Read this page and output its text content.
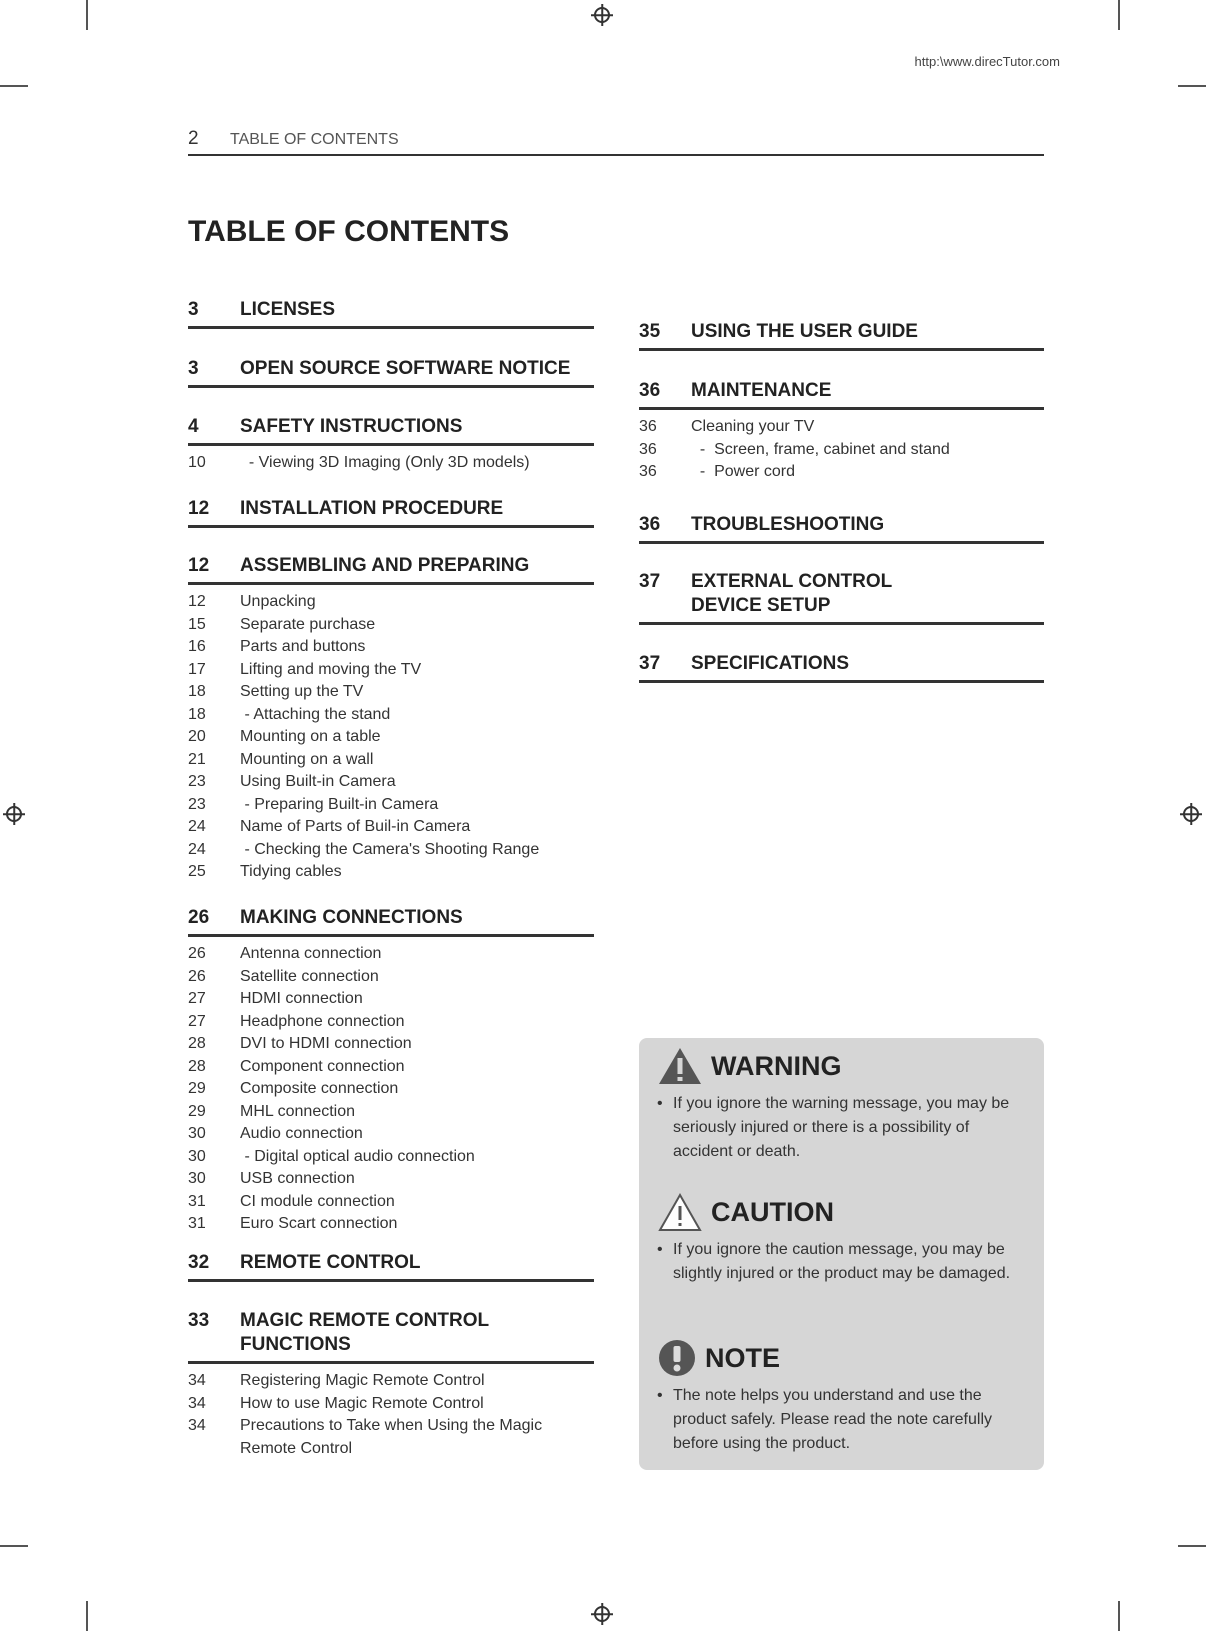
http:\www.direcTutor.com
2 TABLE OF CONTENTS
TABLE OF CONTENTS
3	LICENSES
3	OPEN SOURCE SOFTWARE NOTICE
4	SAFETY INSTRUCTIONS
10	- Viewing 3D Imaging (Only 3D models)
12	INSTALLATION PROCEDURE
12	ASSEMBLING AND PREPARING
12	Unpacking
15	Separate purchase
16	Parts and buttons
17	Lifting and moving the TV
18	Setting up the TV
18	- Attaching the stand
20	Mounting on a table
21	Mounting on a wall
23	Using Built-in Camera
23	- Preparing Built-in Camera
24	Name of Parts of Buil-in Camera
24	- Checking the Camera's Shooting Range
25	Tidying cables
26	MAKING CONNECTIONS
26	Antenna connection
26	Satellite connection
27	HDMI connection
27	Headphone connection
28	DVI to HDMI connection
28	Component connection
29	Composite connection
29	MHL connection
30	Audio connection
30	- Digital optical audio connection
30	USB connection
31	CI module connection
31	Euro Scart connection
32	REMOTE CONTROL
33	MAGIC REMOTE CONTROL FUNCTIONS
34	Registering Magic Remote Control
34	How to use Magic Remote Control
34	Precautions to Take when Using the Magic Remote Control
35	USING THE USER GUIDE
36	MAINTENANCE
36	Cleaning your TV
36	-  Screen, frame, cabinet and stand
36	-  Power cord
36	TROUBLESHOOTING
37	EXTERNAL CONTROL DEVICE SETUP
37	SPECIFICATIONS
WARNING
• If you ignore the warning message, you may be seriously injured or there is a possibility of accident or death.
CAUTION
• If you ignore the caution message, you may be slightly injured or the product may be damaged.
NOTE
• The note helps you understand and use the product safely. Please read the note carefully before using the product.
